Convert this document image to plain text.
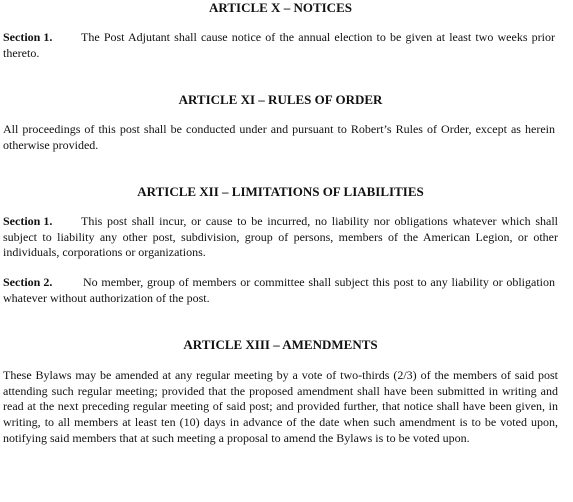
ARTICLE X – NOTICES

Section 1. The Post Adjutant shall cause notice of the annual election to be given at least two weeks prior thereto.

ARTICLE XI – RULES OF ORDER

All proceedings of this post shall be conducted under and pursuant to Robert’s Rules of Order, except as herein otherwise provided.

ARTICLE XII – LIMITATIONS OF LIABILITIES

Section 1. This post shall incur, or cause to be incurred, no liability nor obligations whatever which shall subject to liability any other post, subdivision, group of persons, members of the American Legion, or other individuals, corporations or organizations.

Section 2.	No member, group of members or committee shall subject this post to any liability or obligation whatever without authorization of the post.

ARTICLE XIII – AMENDMENTS

These Bylaws may be amended at any regular meeting by a vote of two-thirds (2/3) of the members of said post attending such regular meeting; provided that the proposed amendment shall have been submitted in writing and read at the next preceding regular meeting of said post; and provided further, that notice shall have been given, in writing, to all members at least ten (10) days in advance of the date when such amendment is to be voted upon, notifying said members that at such meeting a proposal to amend the Bylaws is to be voted upon.
